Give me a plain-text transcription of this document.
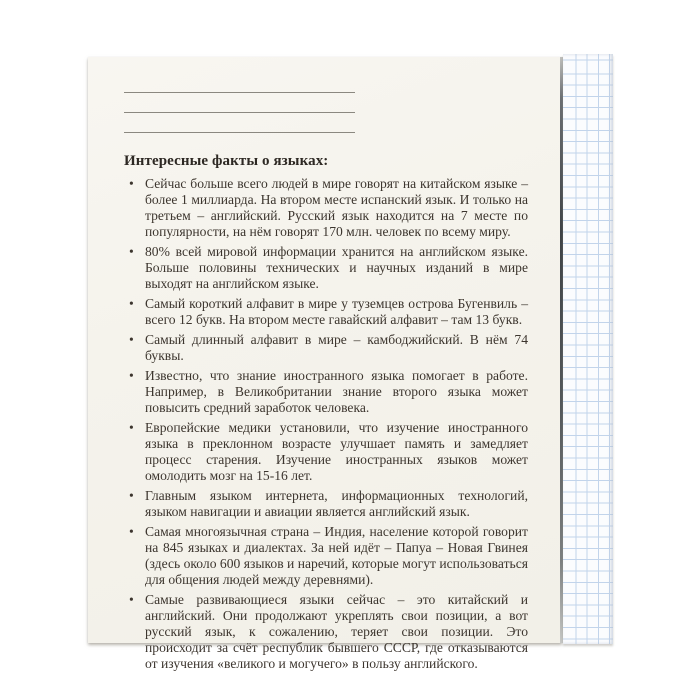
Интересные факты о языках:
• Сейчас больше всего людей в мире говорят на китайском языке – более 1 миллиарда. На втором месте испанский язык. И только на третьем – английский. Русский язык находится на 7 месте по популярности, на нём говорят 170 млн. человек по всему миру.
• 80% всей мировой информации хранится на английском языке. Больше половины технических и научных изданий в мире выходят на английском языке.
• Самый короткий алфавит в мире у туземцев острова Бугенвиль – всего 12 букв. На втором месте гавайский алфавит – там 13 букв.
• Самый длинный алфавит в мире – камбоджийский. В нём 74 буквы.
• Известно, что знание иностранного языка помогает в работе. Например, в Великобритании знание второго языка может повысить средний заработок человека.
• Европейские медики установили, что изучение иностранного языка в преклонном возрасте улучшает память и замедляет процесс старения. Изучение иностранных языков может омолодить мозг на 15-16 лет.
• Главным языком интернета, информационных технологий, языком навигации и авиации является английский язык.
• Самая многоязычная страна – Индия, население которой говорит на 845 языках и диалектах. За ней идёт – Папуа – Новая Гвинея (здесь около 600 языков и наречий, которые могут использоваться для общения людей между деревнями).
• Самые развивающиеся языки сейчас – это китайский и английский. Они продолжают укреплять свои позиции, а вот русский язык, к сожалению, теряет свои позиции. Это происходит за счёт республик бывшего СССР, где отказываются от изучения «великого и могучего» в пользу английского.
